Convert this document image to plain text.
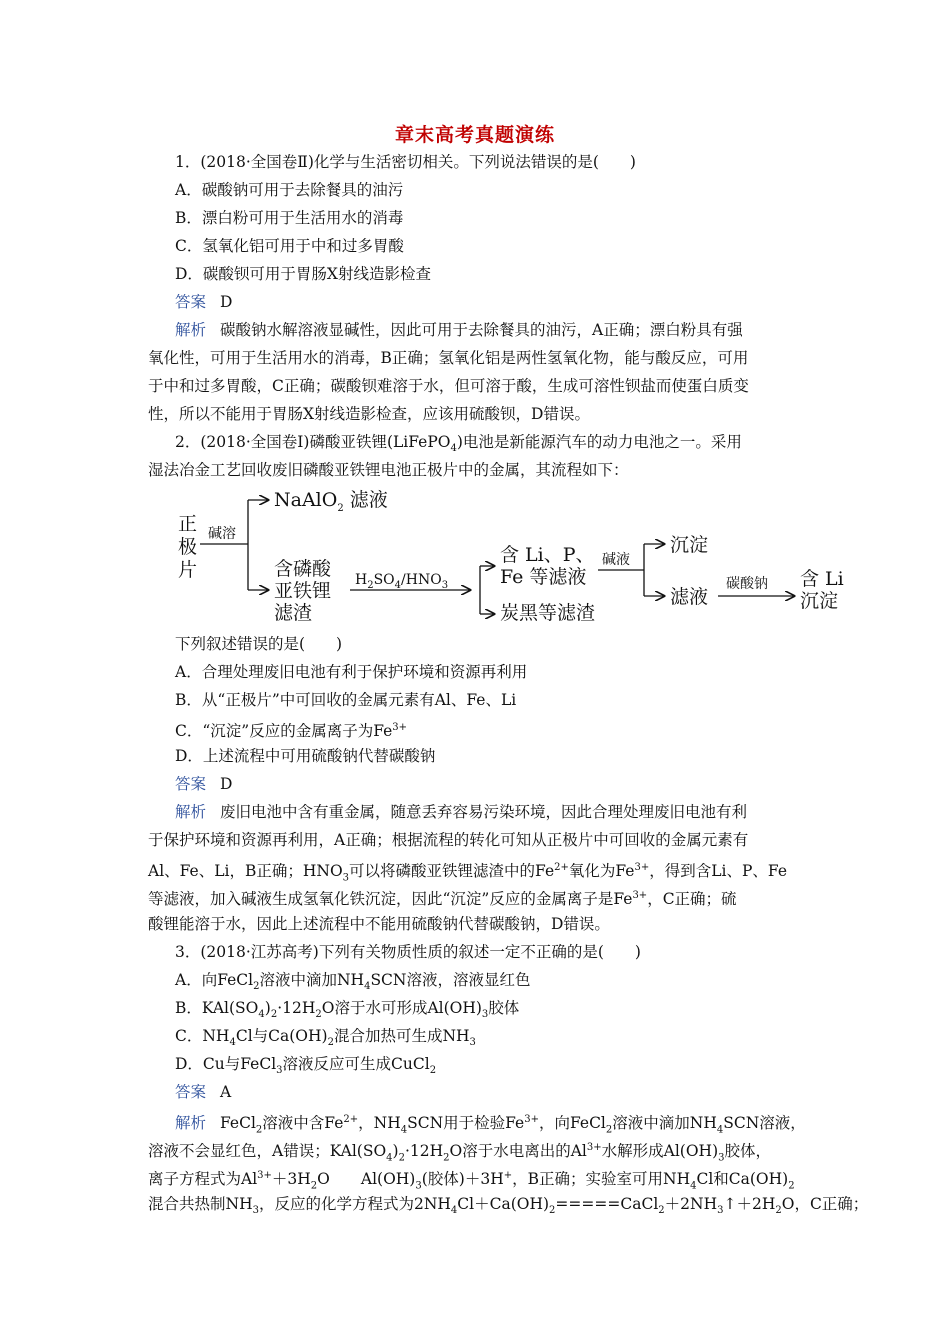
章末高考真题演练
1．(2018·全国卷Ⅱ)化学与生活密切相关。下列说法错误的是(　　)
A．碳酸钠可用于去除餐具的油污
B．漂白粉可用于生活用水的消毒
C．氢氧化铝可用于中和过多胃酸
D．碳酸钡可用于胃肠X射线造影检查
答案 D
解析 碳酸钠水解溶液显碱性，因此可用于去除餐具的油污，A正确；漂白粉具有强
氧化性，可用于生活用水的消毒，B正确；氢氧化铝是两性氢氧化物，能与酸反应，可用
于中和过多胃酸，C正确；碳酸钡难溶于水，但可溶于酸，生成可溶性钡盐而使蛋白质变
性，所以不能用于胃肠X射线造影检查，应该用硫酸钡，D错误。
2．(2018·全国卷Ⅰ)磷酸亚铁锂(LiFePO$_4$)电池是新能源汽车的动力电池之一。采用
湿法冶金工艺回收废旧磷酸亚铁锂电池正极片中的金属，其流程如下：
正
极
片
碱溶
NaAlO$_2$ 滤液
含磷酸
亚铁锂
滤渣
$H_2SO_4/HNO_3$
含 Li、P、
Fe 等滤液
炭黑等滤渣
碱液
沉淀
滤液
碳酸钠 含 Li
沉淀
下列叙述错误的是(　　)
A．合理处理废旧电池有利于保护环境和资源再利用
B．从“正极片”中可回收的金属元素有Al、Fe、Li
C．“沉淀”反应的金属离子为$Fe^{3+}$
D．上述流程中可用硫酸钠代替碳酸钠
答案 D
解析 废旧电池中含有重金属，随意丢弃容易污染环境，因此合理处理废旧电池有利
于保护环境和资源再利用，A正确；根据流程的转化可知从正极片中可回收的金属元素有
Al、Fe、Li，B正确；$HNO_3$可以将磷酸亚铁锂滤渣中的$Fe^{2+}$氧化为$Fe^{3+}$，得到含Li、P、Fe
等滤液，加入碱液生成氢氧化铁沉淀，因此“沉淀”反应的金属离子是$Fe^{3+}$，C正确；硫
酸锂能溶于水，因此上述流程中不能用硫酸钠代替碳酸钠，D错误。
3．(2018·江苏高考)下列有关物质性质的叙述一定不正确的是(　　)
A．向FeCl$_2$溶液中滴加$NH_4SCN$溶液，溶液显红色
B．$KAl(SO_4)_2\cdot 12H_2O$溶于水可形成$Al(OH)_3$胶体
C．$NH_4Cl$与$Ca(OH)_2$混合加热可生成$NH_3$
D．Cu与FeCl$_3$溶液反应可生成CuCl$_2$
答案 A
解析 FeCl$_2$溶液中含$Fe^{2+}$，$NH_4SCN$用于检验$Fe^{3+}$，向FeCl$_2$溶液中滴加$NH_4SCN$溶液，
溶液不会显红色，A错误；$KAl(SO_4)_2\cdot 12H_2O$溶于水电离出的$Al^{3+}$水解形成$Al(OH)_3$胶体，
离子方程式为$Al^{3+}+3H_2O$　　$Al(OH)_3$(胶体)＋3H+，B正确；实验室可用$NH_4Cl$和$Ca(OH)_2$
混合共热制$NH_3$，反应的化学方程式为$2NH_4Cl+Ca(OH)_2=====CaCl_2+2NH_3↑+2H_2O$，C正确；
